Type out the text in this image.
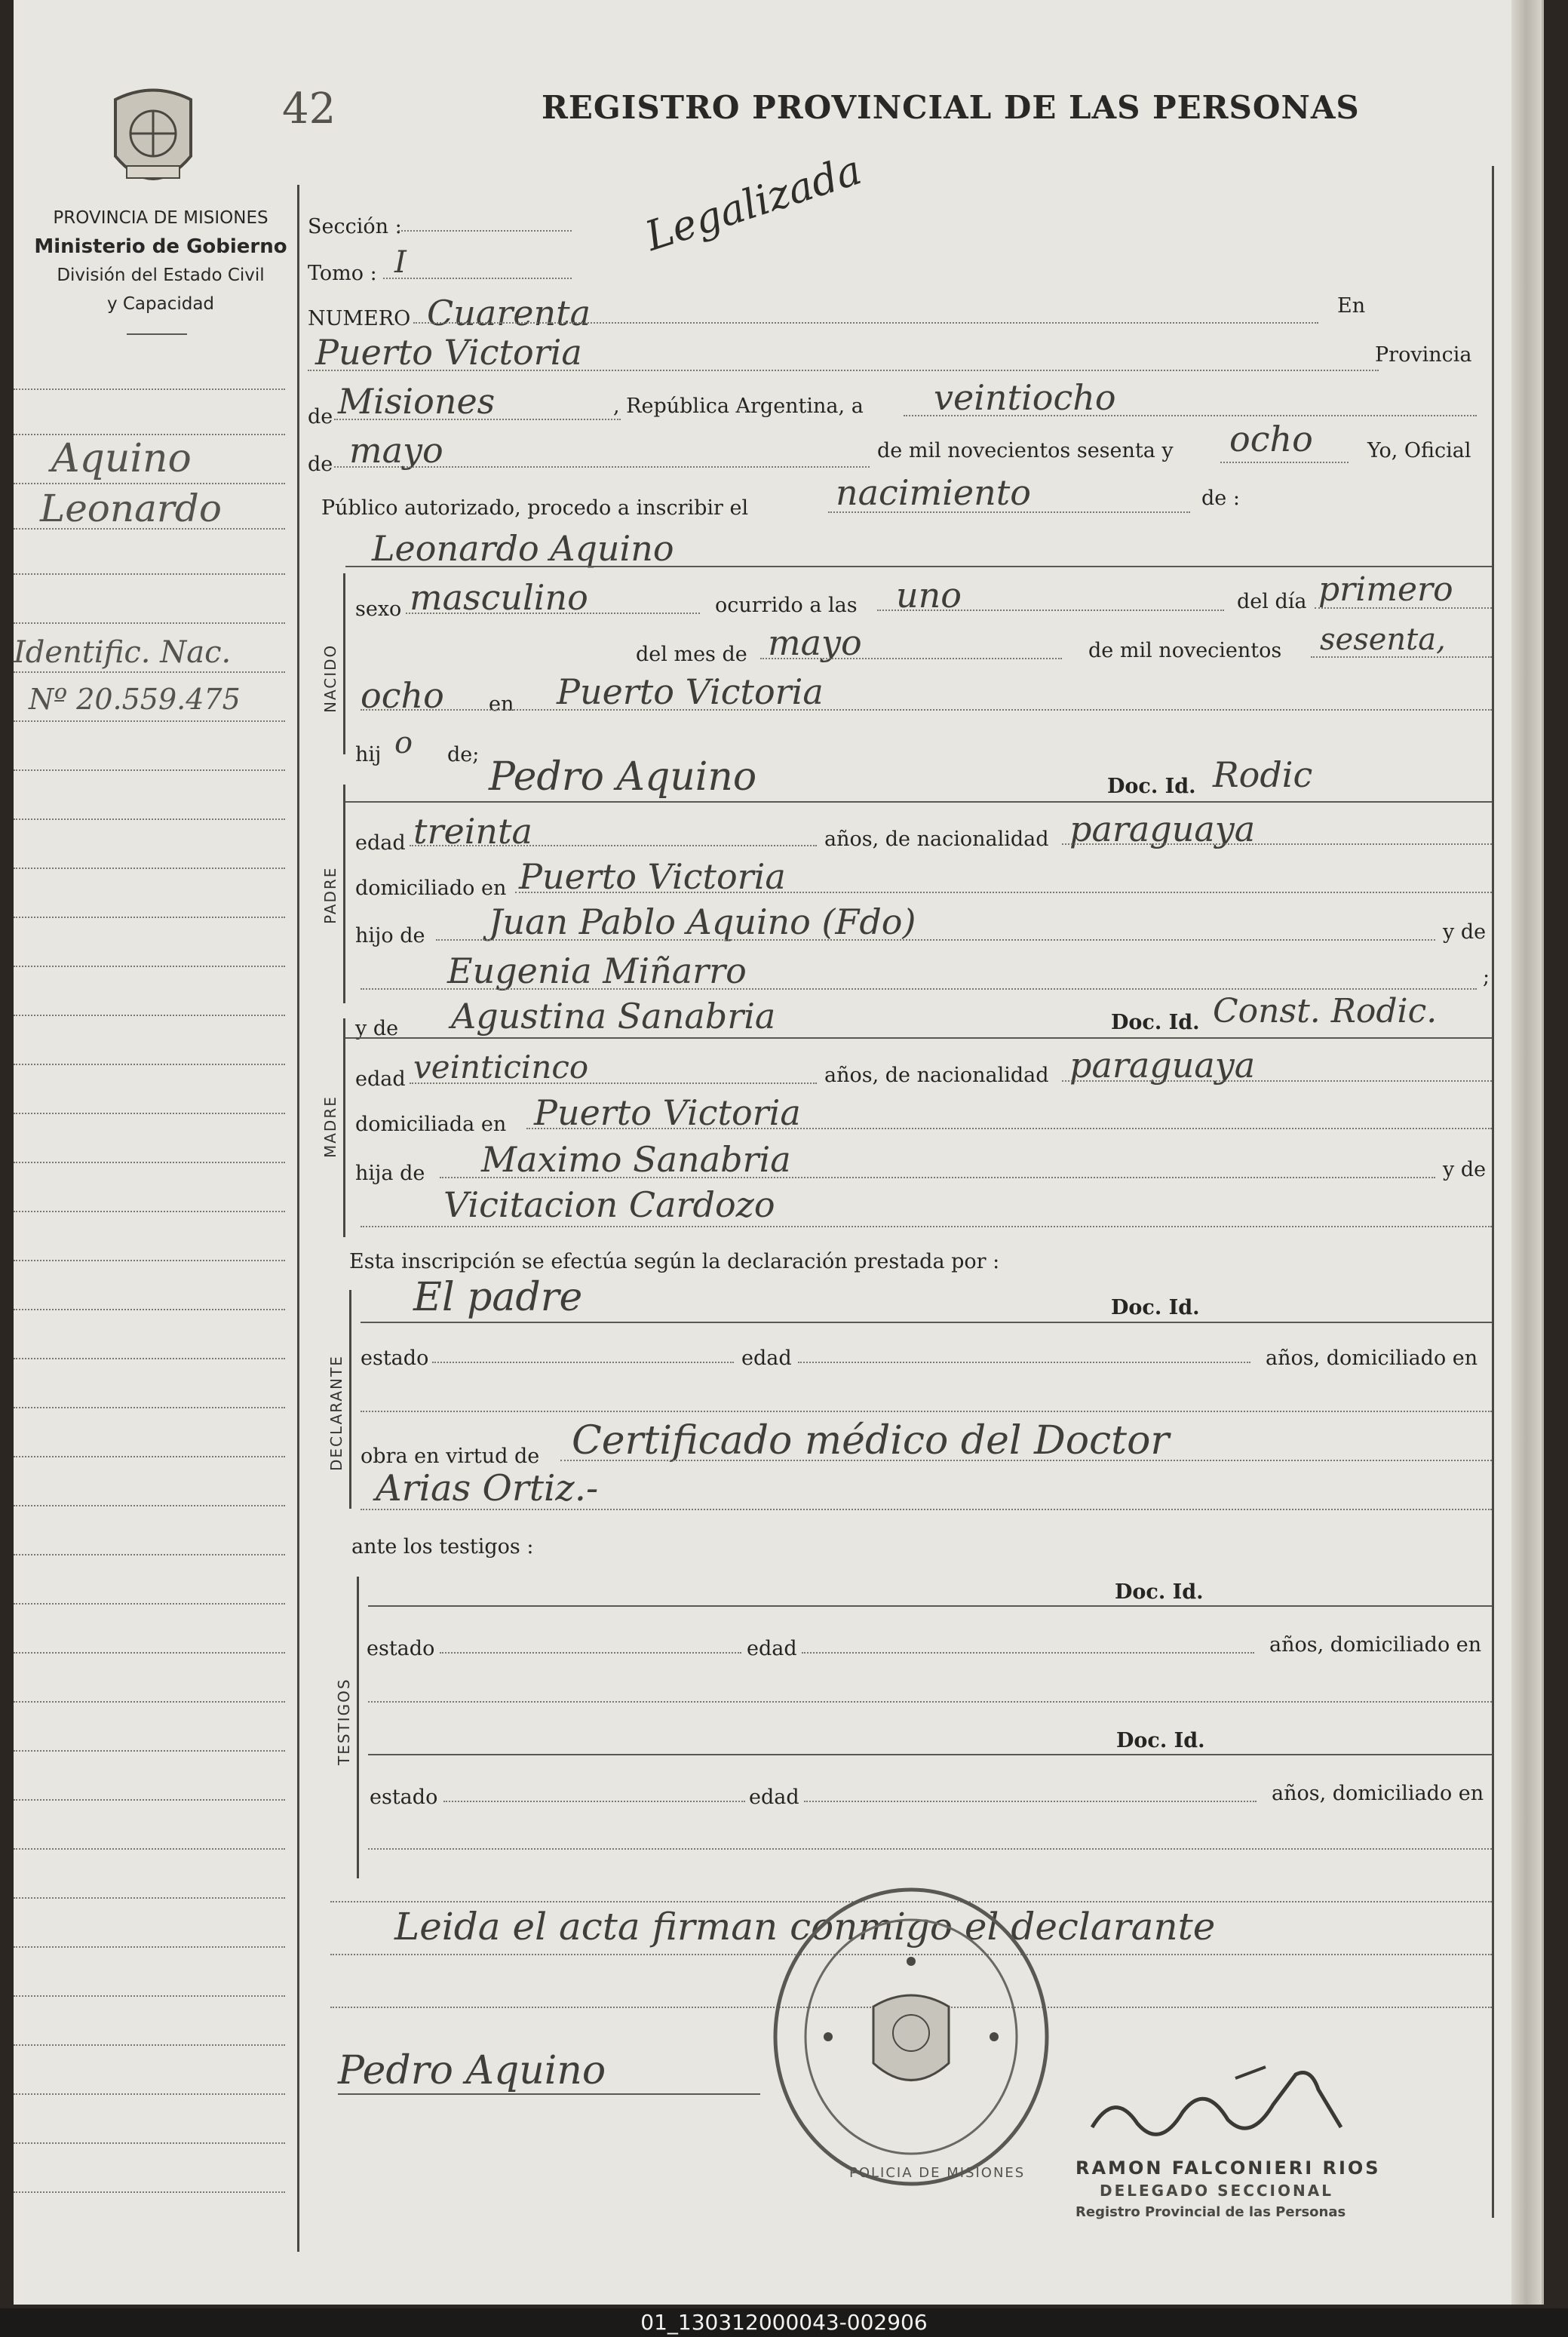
42	REGISTRO PROVINCIAL DE LAS PERSONAS
PROVINCIA DE MISIONES
Ministerio de Gobierno
División del Estado Civil
y Capacidad
Aquino
Leonardo
Identific. Nac.
Nº 20.559.475
Sección :
Tomo : I
NUMERO Cuarenta
Legalizada
En
Puerto Victoria	Provincia
de Misiones	, República Argentina, a veintiocho
de mayo	de mil novecientos sesenta y ocho	Yo, Oficial
Público autorizado, procedo a inscribir el	nacimiento	de :
Leonardo Aquino
NACIDO
sexo masculino	ocurrido a las uno	del día primero
del mes de mayo	de mil novecientos sesenta,
ocho en Puerto Victoria
hij o de;
PADRE
Pedro Aquino	Doc. Id. Rodic
edad treinta	años, de nacionalidad paraguaya
domiciliado en Puerto Victoria
hijo de Juan Pablo Aquino (Fdo)	y de
Eugenia Miñarro	;
MADRE
y de Agustina Sanabria	Doc. Id. Const. Rodic.
edad veinticinco	años, de nacionalidad paraguaya
domiciliada en Puerto Victoria
hija de Maximo Sanabria	y de
Vicitacion Cardozo
Esta inscripción se efectúa según la declaración prestada por :
DECLARANTE
El padre	Doc. Id.
estado	edad	años, domiciliado en
obra en virtud de Certificado médico del Doctor
Arias Ortiz.-
ante los testigos :
TESTIGOS
Doc. Id.
estado	edad	años, domiciliado en
Doc. Id.
estado	edad	años, domiciliado en
Leida el acta firman conmigo el declarante
Pedro Aquino
POLICIA DE MISIONES	RAMON FALCONIERI RIOS
DELEGADO SECCIONAL
Registro Provincial de las Personas
01_130312000043-002906
